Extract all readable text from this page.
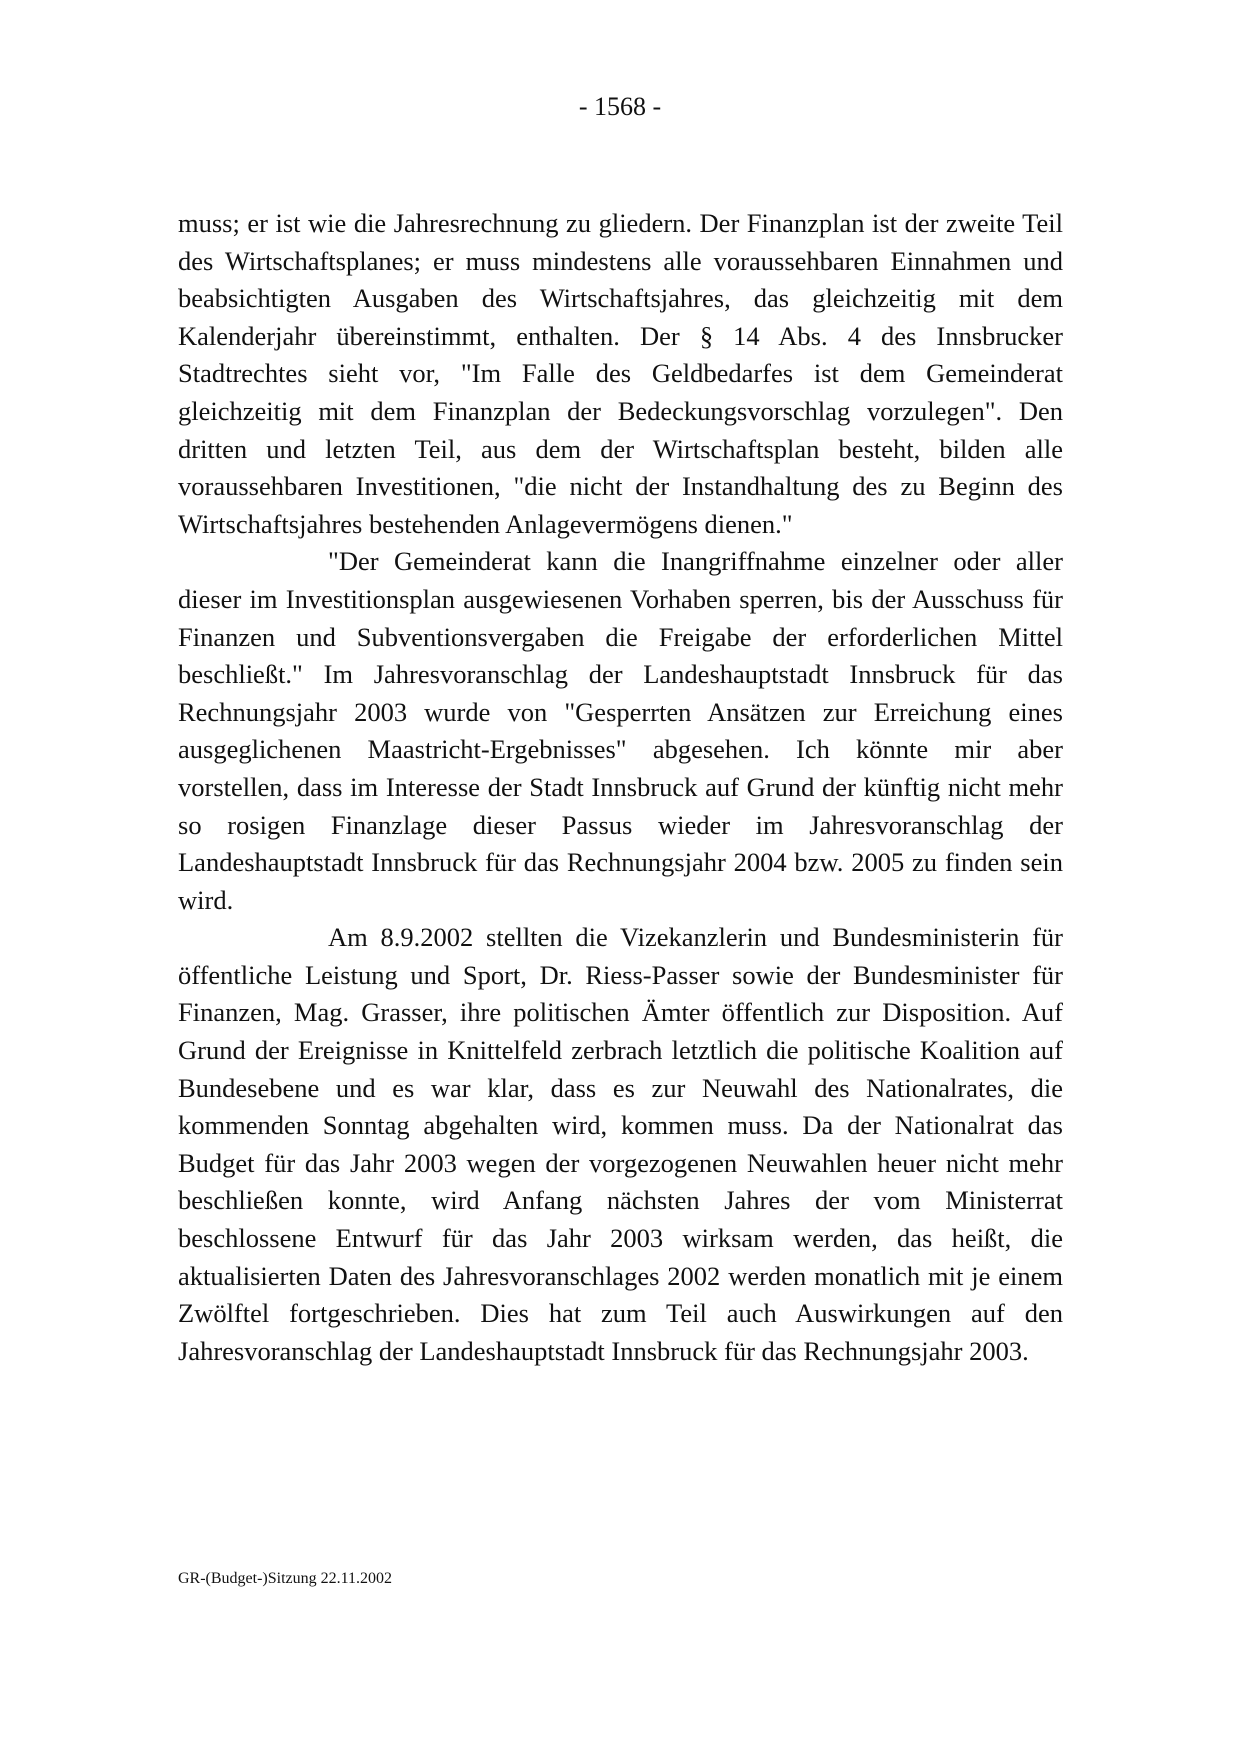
- 1568 -

muss; er ist wie die Jahresrechnung zu gliedern. Der Finanzplan ist der zweite Teil des Wirtschaftsplanes; er muss mindestens alle voraussehbaren Einnahmen und beabsichtigten Ausgaben des Wirtschaftsjahres, das gleichzeitig mit dem Kalenderjahr übereinstimmt, enthalten. Der § 14 Abs. 4 des Innsbrucker Stadtrechtes sieht vor, "Im Falle des Geldbedarfes ist dem Gemeinderat gleichzeitig mit dem Finanzplan der Bedeckungsvorschlag vorzulegen". Den dritten und letzten Teil, aus dem der Wirtschaftsplan besteht, bilden alle voraussehbaren Investitionen, "die nicht der Instandhaltung des zu Beginn des Wirtschaftsjahres bestehenden Anlagevermögens dienen."

"Der Gemeinderat kann die Inangriffnahme einzelner oder aller dieser im Investitionsplan ausgewiesenen Vorhaben sperren, bis der Ausschuss für Finanzen und Subventionsvergaben die Freigabe der erforderlichen Mittel beschließt." Im Jahresvoranschlag der Landeshauptstadt Innsbruck für das Rechnungsjahr 2003 wurde von "Gesperrten Ansätzen zur Erreichung eines ausgeglichenen Maastricht-Ergebnisses" abgesehen. Ich könnte mir aber vorstellen, dass im Interesse der Stadt Innsbruck auf Grund der künftig nicht mehr so rosigen Finanzlage dieser Passus wieder im Jahresvoranschlag der Landeshauptstadt Innsbruck für das Rechnungsjahr 2004 bzw. 2005 zu finden sein wird.

Am 8.9.2002 stellten die Vizekanzlerin und Bundesministerin für öffentliche Leistung und Sport, Dr. Riess-Passer sowie der Bundesminister für Finanzen, Mag. Grasser, ihre politischen Ämter öffentlich zur Disposition. Auf Grund der Ereignisse in Knittelfeld zerbrach letztlich die politische Koalition auf Bundesebene und es war klar, dass es zur Neuwahl des Nationalrates, die kommenden Sonntag abgehalten wird, kommen muss. Da der Nationalrat das Budget für das Jahr 2003 wegen der vorgezogenen Neuwahlen heuer nicht mehr beschließen konnte, wird Anfang nächsten Jahres der vom Ministerrat beschlossene Entwurf für das Jahr 2003 wirksam werden, das heißt, die aktualisierten Daten des Jahresvoranschlages 2002 werden monatlich mit je einem Zwölftel fortgeschrieben. Dies hat zum Teil auch Auswirkungen auf den Jahresvoranschlag der Landeshauptstadt Innsbruck für das Rechnungsjahr 2003.

GR-(Budget-)Sitzung 22.11.2002
